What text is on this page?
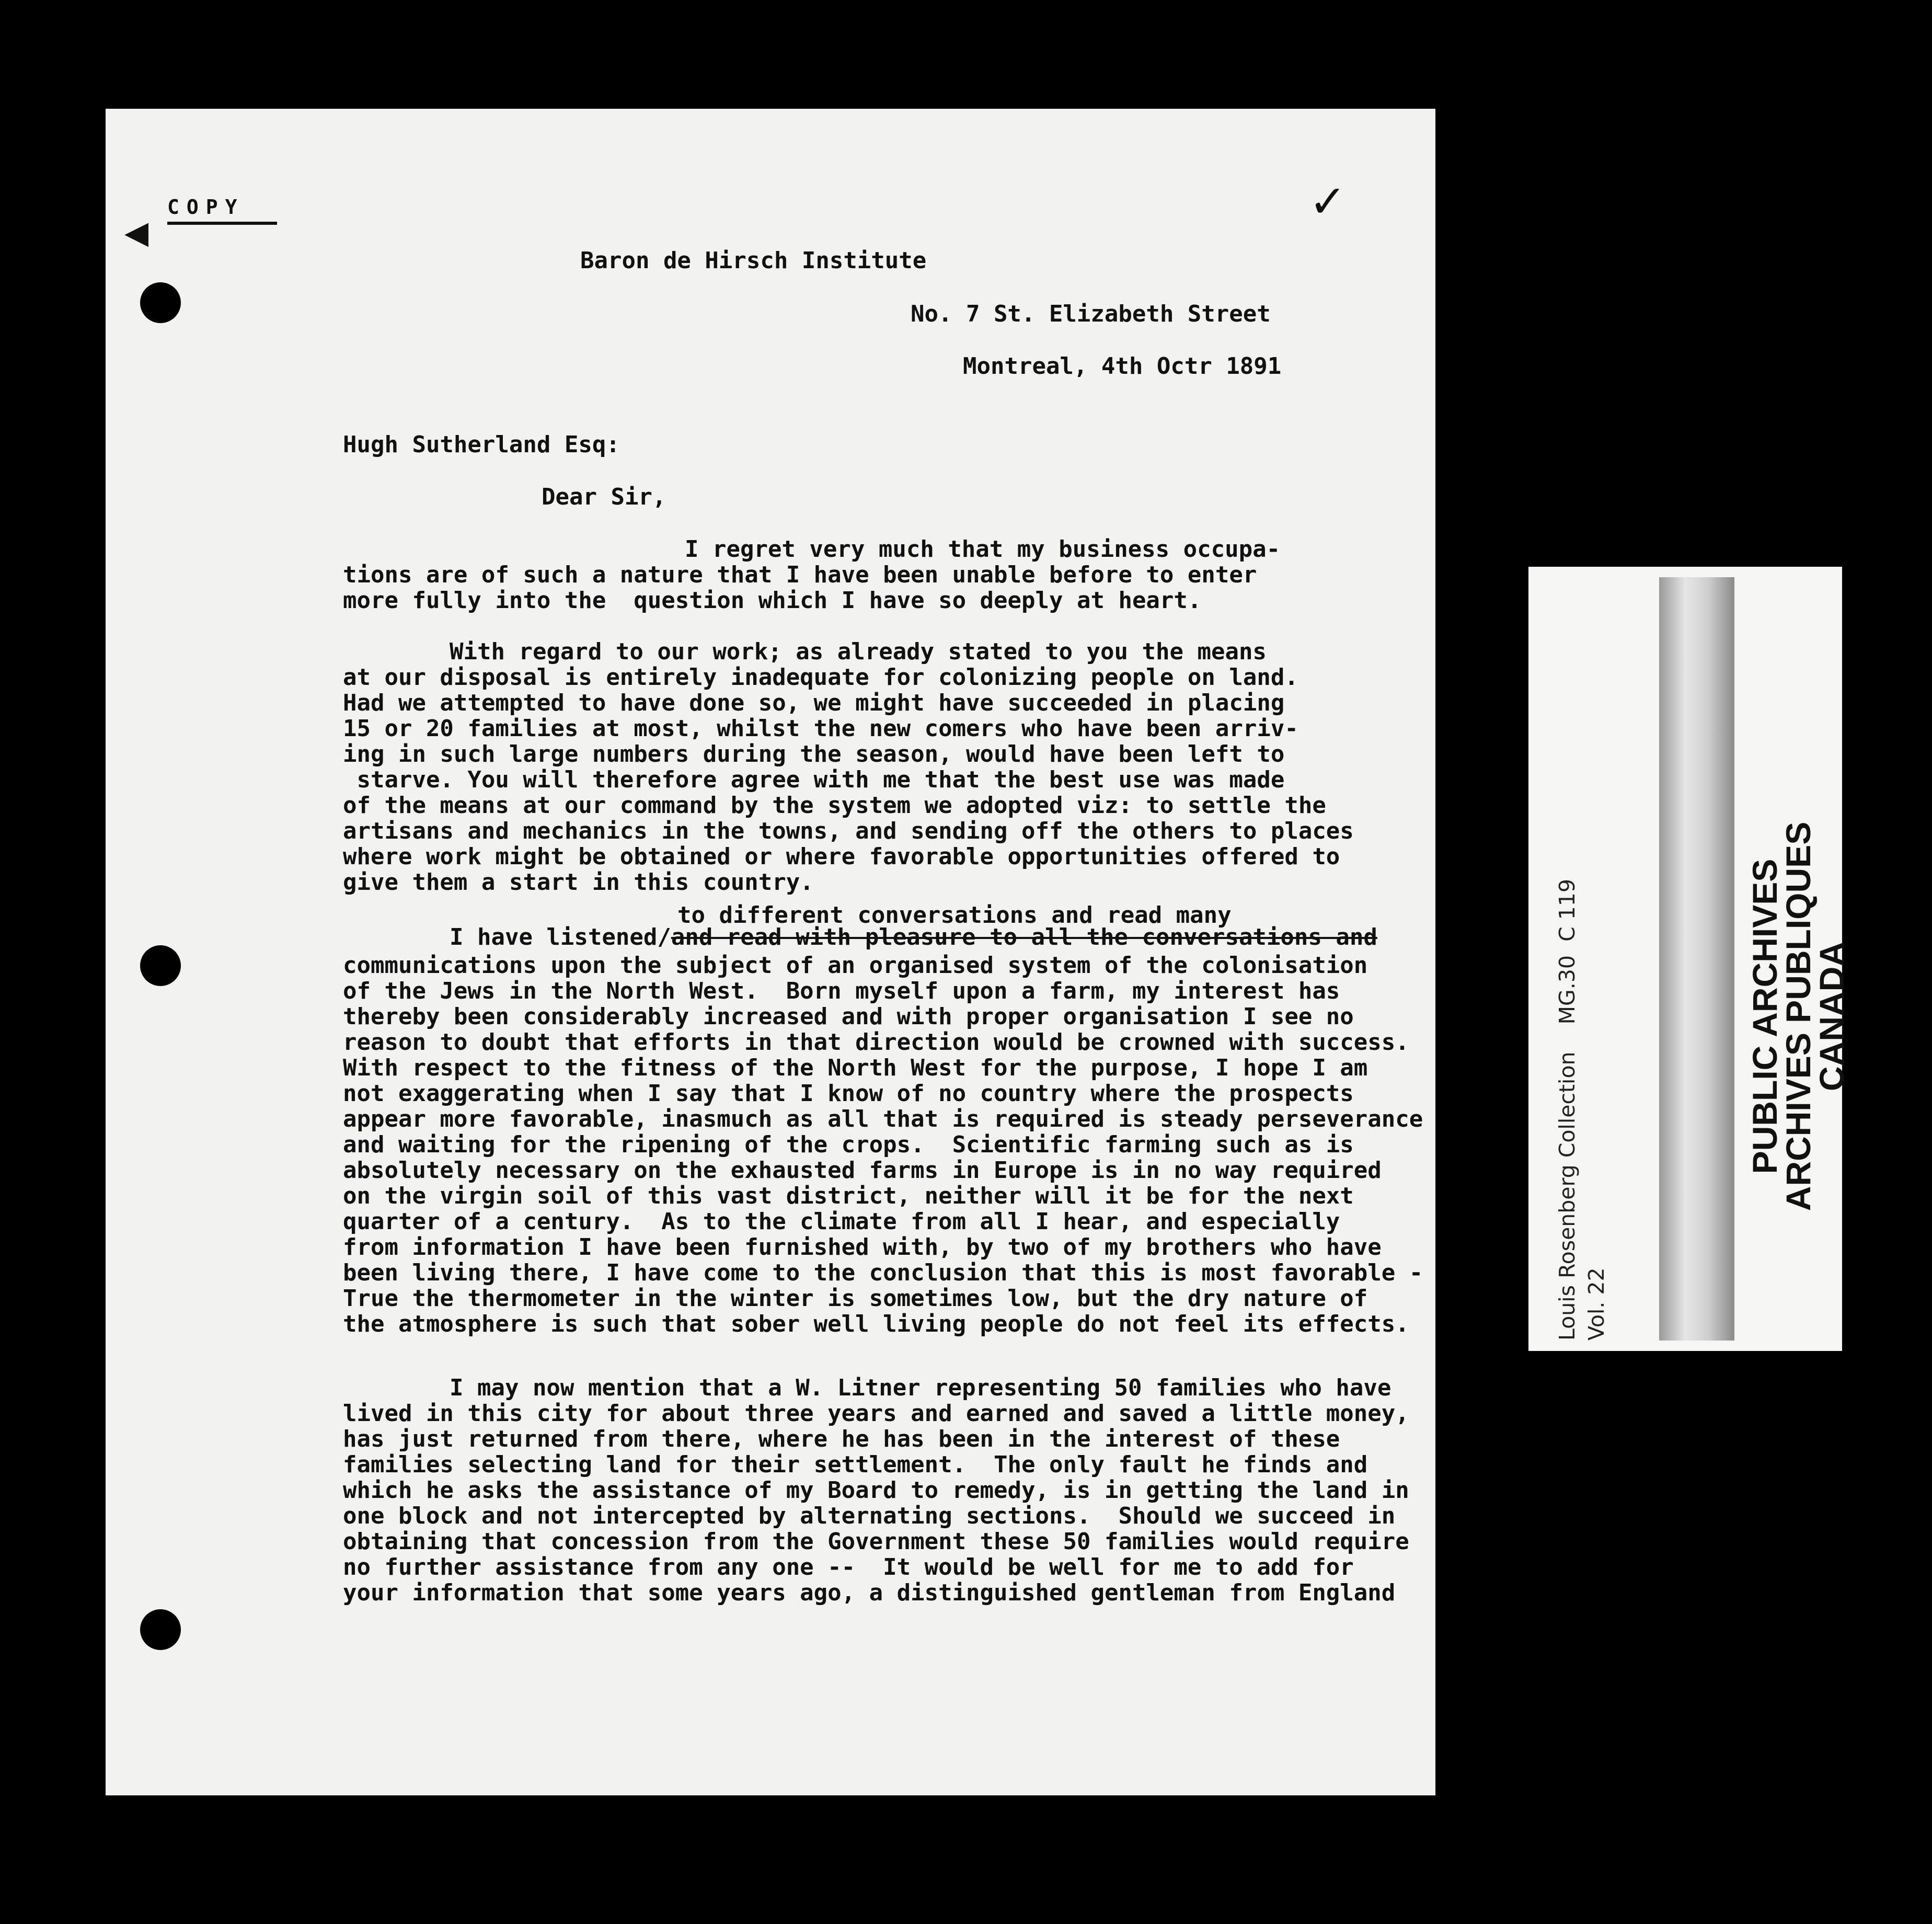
◀
COPY	✓
Baron de Hirsch Institute
No. 7 St. Elizabeth Street
Montreal, 4th Octr 1891
Hugh Sutherland Esq:
Dear Sir,
I regret very much that my business occupa-
tions are of such a nature that I have been unable before to enter
more fully into the  question which I have so deeply at heart.
With regard to our work; as already stated to you the means
at our disposal is entirely inadequate for colonizing people on land.
Had we attempted to have done so, we might have succeeded in placing
15 or 20 families at most, whilst the new comers who have been arriv-
ing in such large numbers during the season, would have been left to
starve. You will therefore agree with me that the best use was made
of the means at our command by the system we adopted viz: to settle the
artisans and mechanics in the towns, and sending off the others to places
where work might be obtained or where favorable opportunities offered to
give them a start in this country.
to different conversations and read many
I have listened/and read with pleasure to all the conversations and
communications upon the subject of an organised system of the colonisation
of the Jews in the North West.  Born myself upon a farm, my interest has
thereby been considerably increased and with proper organisation I see no
reason to doubt that efforts in that direction would be crowned with success.
With respect to the fitness of the North West for the purpose, I hope I am
not exaggerating when I say that I know of no country where the prospects
appear more favorable, inasmuch as all that is required is steady perseverance
and waiting for the ripening of the crops.  Scientific farming such as is
absolutely necessary on the exhausted farms in Europe is in no way required
on the virgin soil of this vast district, neither will it be for the next
quarter of a century.  As to the climate from all I hear, and especially
from information I have been furnished with, by two of my brothers who have
been living there, I have come to the conclusion that this is most favorable -
True the thermometer in the winter is sometimes low, but the dry nature of
the atmosphere is such that sober well living people do not feel its effects.
I may now mention that a W. Litner representing 50 families who have
lived in this city for about three years and earned and saved a little money,
has just returned from there, where he has been in the interest of these
families selecting land for their settlement.  The only fault he finds and
which he asks the assistance of my Board to remedy, is in getting the land in
one block and not intercepted by alternating sections.  Should we succeed in
obtaining that concession from the Government these 50 families would require
no further assistance from any one --  It would be well for me to add for
your information that some years ago, a distinguished gentleman from England
Louis Rosenberg Collection    MG.30  C 119 Vol. 22
PUBLIC ARCHIVES
ARCHIVES PUBLIQUES
CANADA
